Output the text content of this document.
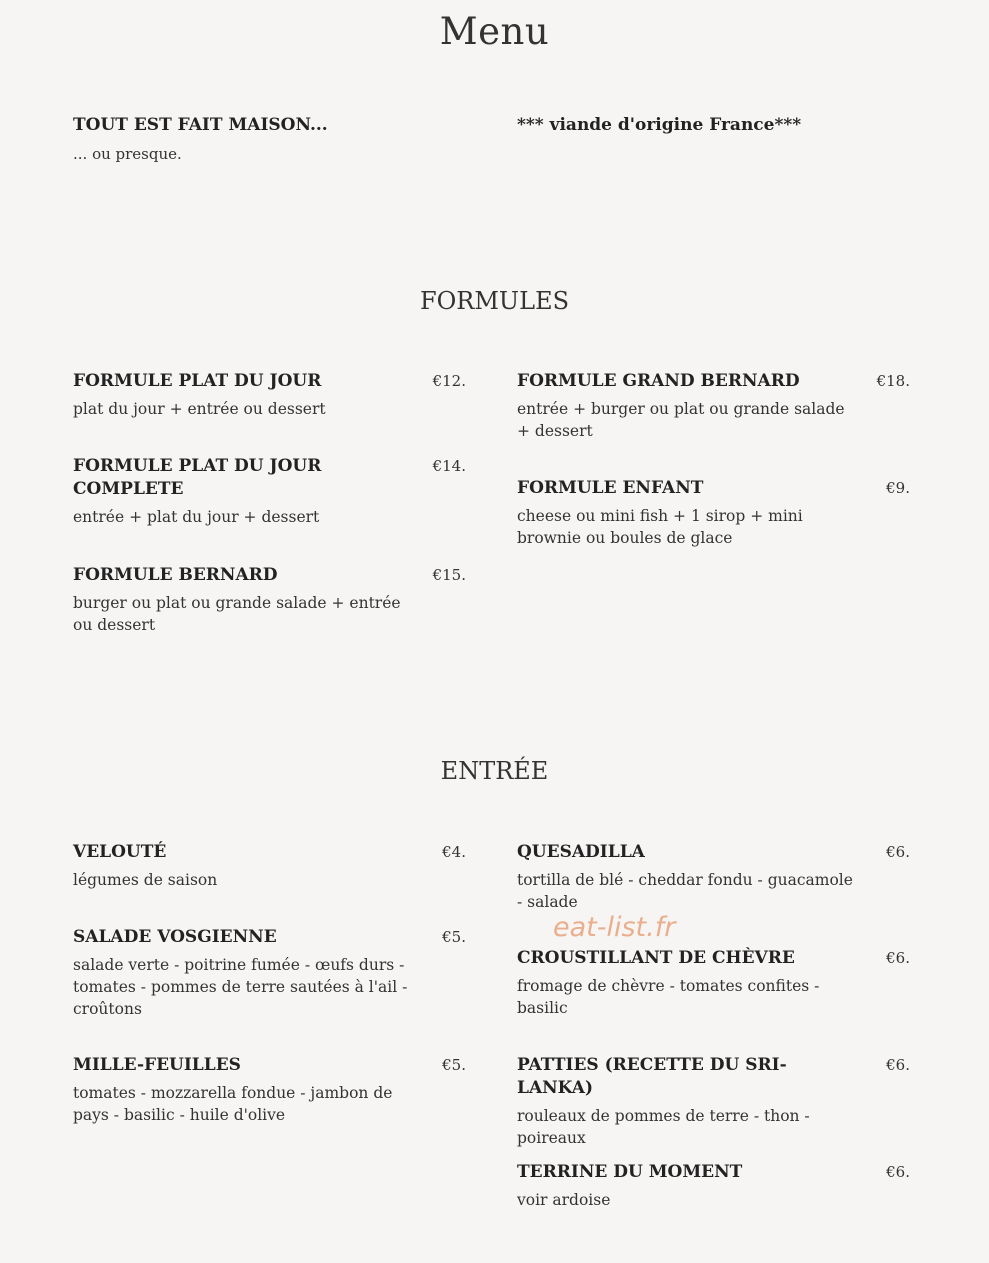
Menu
TOUT EST FAIT MAISON...
... ou presque.
*** viande d'origine France***
FORMULES
FORMULE PLAT DU JOUR	€12.
plat du jour + entrée ou dessert
FORMULE PLAT DU JOUR COMPLETE
€14.
entrée + plat du jour + dessert
FORMULE BERNARD	€15.
burger ou plat ou grande salade + entrée ou dessert
FORMULE GRAND BERNARD	€18.
entrée + burger ou plat ou grande salade + dessert
FORMULE ENFANT	€9.
cheese ou mini fish + 1 sirop + mini brownie ou boules de glace
ENTRÉE
VELOUTÉ	€4.
légumes de saison
SALADE VOSGIENNE	€5.
salade verte - poitrine fumée - œufs durs - tomates - pommes de terre sautées à l'ail - croûtons
MILLE-FEUILLES	€5.
tomates - mozzarella fondue - jambon de pays - basilic - huile d'olive
QUESADILLA	€6.
tortilla de blé - cheddar fondu - guacamole - salade
CROUSTILLANT DE CHÈVRE	€6.
fromage de chèvre - tomates confites - basilic
PATTIES (RECETTE DU SRI-LANKA)
€6.
rouleaux de pommes de terre - thon - poireaux
TERRINE DU MOMENT	€6.
voir ardoise
eat-list.fr
